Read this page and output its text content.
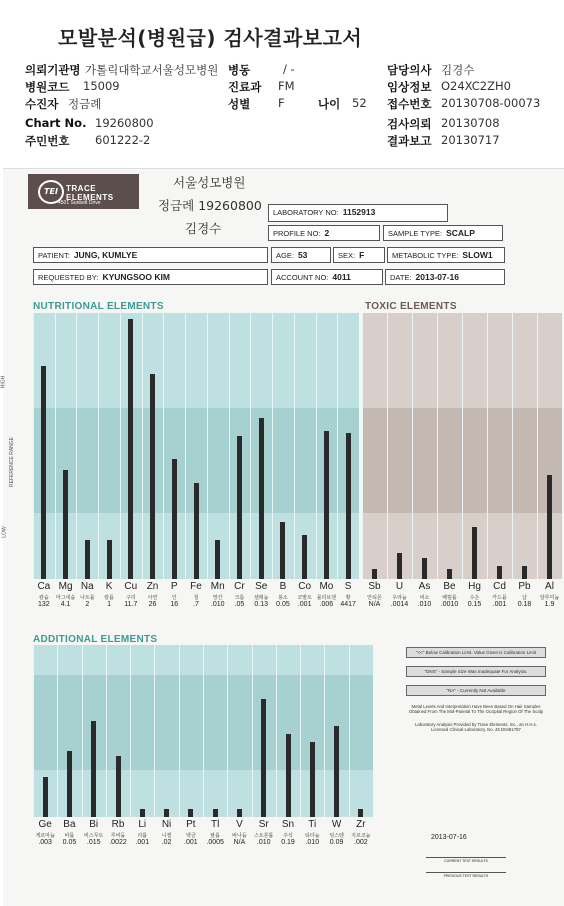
모발분석(병원급) 검사결과보고서
의뢰기관명 가톨릭대학교서울성모병원 병동	/ -	담당의사 김경수
병원코드 15009	진료과 FM	임상정보 O24XC2ZH0
수진자 정금례	성별 F	나이 52 접수번호 20130708-00073
Chart No. 19260800	검사의뢰 20130708
주민번호 601222-2	결과보고 20130717
TEI	TRACE ELEMENTS
4501 Sunbelt Drive
서울성모병원
정금례 19260800
김경수
LABORATORY NO: 1152913
PROFILE NO: 2	SAMPLE TYPE: SCALP
PATIENT: JUNG, KUMLYE	AGE: 53	SEX: F	METABOLIC TYPE: SLOW1
REQUESTED BY: KYUNGSOO KIM	ACCOUNT NO: 4011	DATE: 2013-07-16
NUTRITIONAL ELEMENTS	TOXIC ELEMENTS
ADDITIONAL ELEMENTS
Ca
칼슘
132
Mg
마그네슘
4.1
Na
나트륨
2
K
칼륨
1
Cu
구리
11.7
Zn
아연
26
P
인
16
Fe
철
.7
Mn
망간
.010
Cr
크롬
.05
Se
셀레늄
0.13
B
붕소
0.05
Co
코발트
.001
Mo
몰리브덴
.006
S
황
4417
Sb
안티몬
N/A
U
우라늄
.0014
As
비소
.010
Be
베릴륨
.0010
Hg
수은
0.15
Cd
카드뮴
.001
Pb
납
0.18
Al
알루미늄
1.9
Ge
게르마늄
.003
Ba
바륨
0.05
Bi
비스무트
.015
Rb
루비듐
.0022
Li
리튬
.001
Ni
니켈
.02
Pt
백금
.001
Tl
탈륨
.0005
V
바나듐
N/A
Sr
스트론튬
.010
Sn
주석
0.19
Ti
티타늄
.010
W
텅스텐
0.09
Zr
지르코늄
.002
HIGH
REFERENCE RANGE
LOW
"<<" Below Calibration Limit. Value Given is Calibration Limit
"DNS" - Sample Size Was Inadequate For Analysis.
"NA" - Currently Not Available
Metal Levels And Interpretation Have Been Based On Hair Samples Obtained From The Mid-Parietal To The Occipital Region Of The Scalp
Laboratory Analysis Provided by Trace Elements, Inc., an H.H.s. Licensed Clinical Laboratory, No. 45 D0481787
2013-07-16
CURRENT TEST RESULTS
PREVIOUS TEST RESULTS
